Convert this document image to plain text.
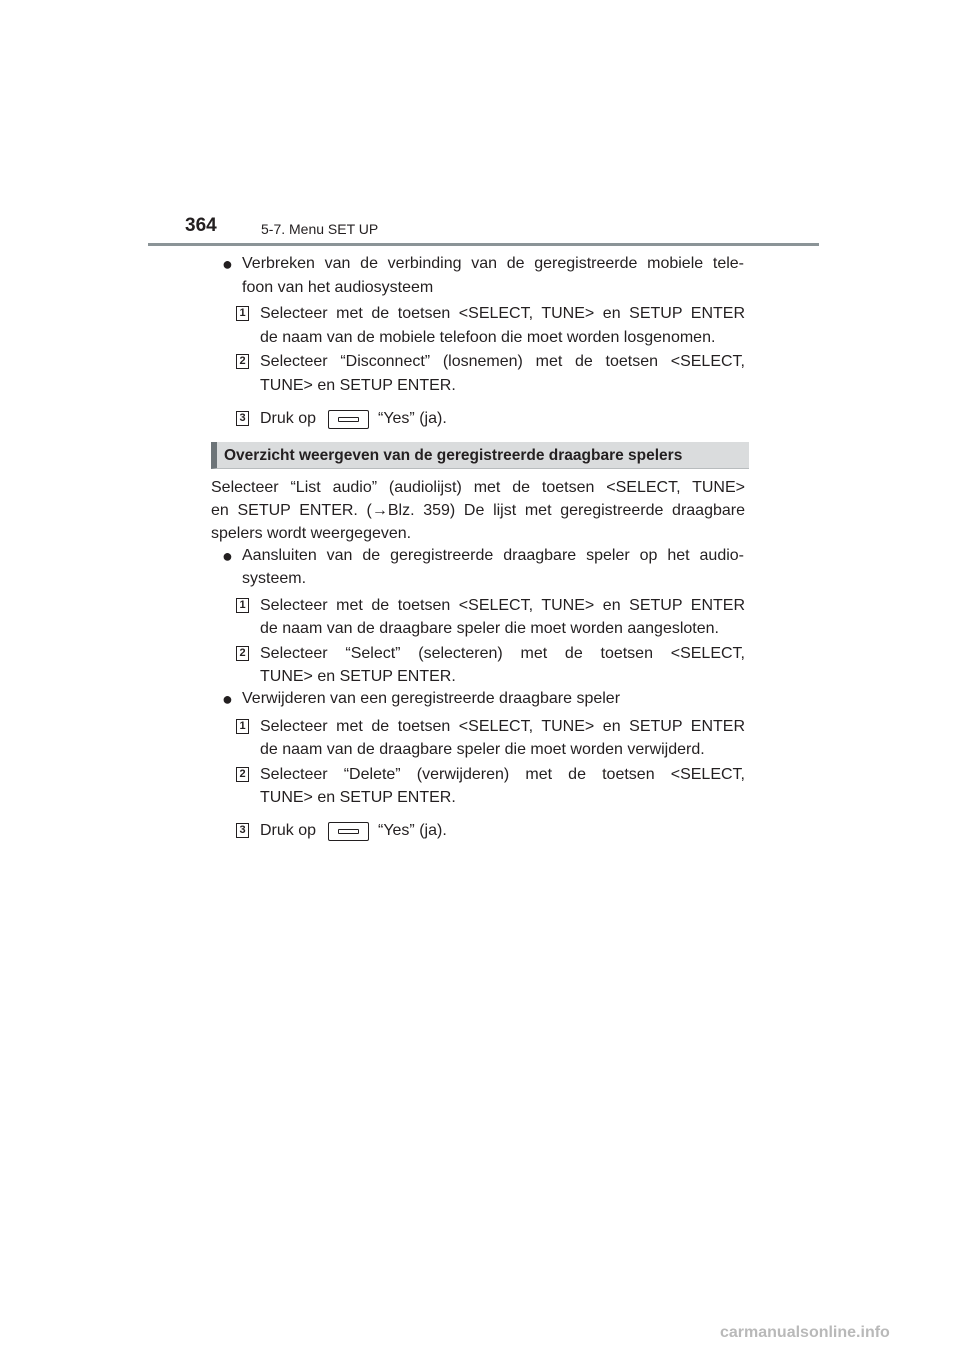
364	5-7. Menu SET UP
● Verbreken van de verbinding van de geregistreerde mobiele tele-
foon van het audiosysteem
1 Selecteer met de toetsen <SELECT, TUNE> en SETUP ENTER
de naam van de mobiele telefoon die moet worden losgenomen.
2 Selecteer “Disconnect” (losnemen) met de toetsen <SELECT,
TUNE> en SETUP ENTER.
3 Druk op	“Yes” (ja).
Overzicht weergeven van de geregistreerde draagbare spelers
Selecteer “List audio” (audiolijst) met de toetsen <SELECT, TUNE>
en SETUP ENTER. (→Blz. 359) De lijst met geregistreerde draagbare
spelers wordt weergegeven.
● Aansluiten van de geregistreerde draagbare speler op het audio-
systeem.
1 Selecteer met de toetsen <SELECT, TUNE> en SETUP ENTER
de naam van de draagbare speler die moet worden aangesloten.
2 Selecteer “Select” (selecteren) met de toetsen <SELECT,
TUNE> en SETUP ENTER.
● Verwijderen van een geregistreerde draagbare speler
1 Selecteer met de toetsen <SELECT, TUNE> en SETUP ENTER
de naam van de draagbare speler die moet worden verwijderd.
2 Selecteer “Delete” (verwijderen) met de toetsen <SELECT,
TUNE> en SETUP ENTER.
3 Druk op	“Yes” (ja).
carmanualsonline.info
